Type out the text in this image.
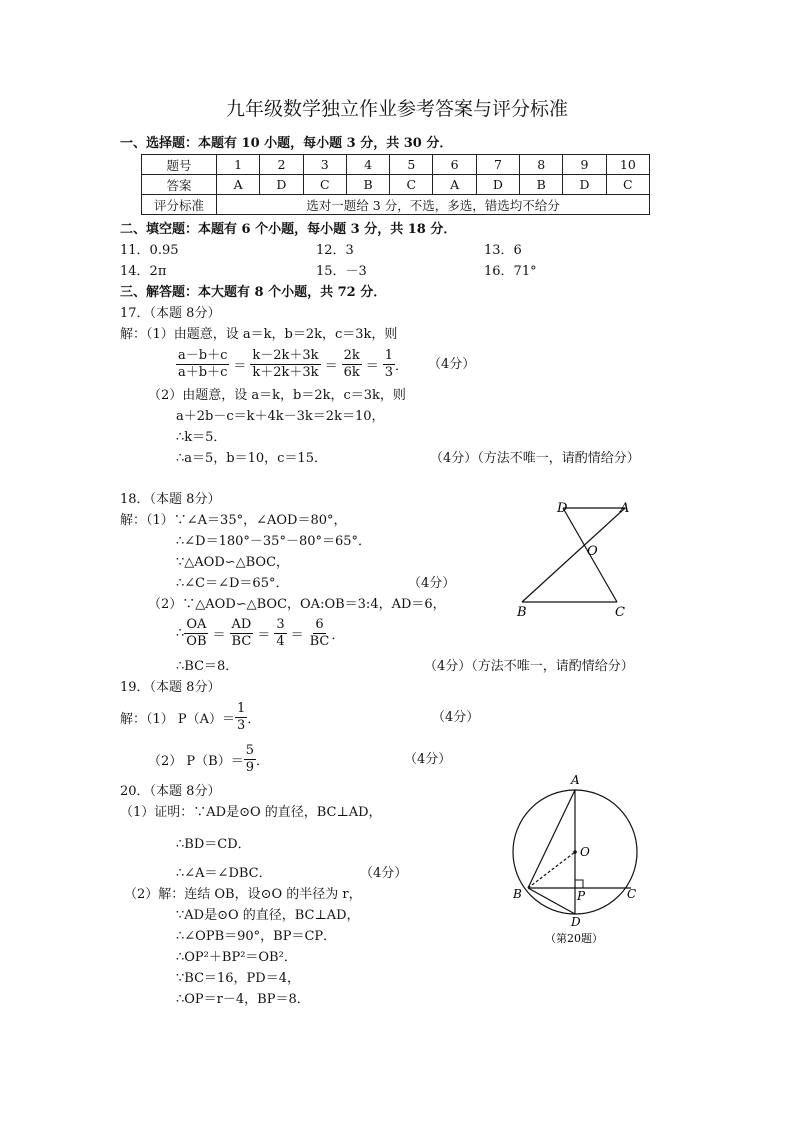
九年级数学独立作业参考答案与评分标准
一、选择题：本题有 10 小题，每小题 3 分，共 30 分．
题号	1	2	3	4	5	6	7	8	9	10
答案	A	D	C	B	C	A	D	B	D	C
评分标准	选对一题给 3 分，不选，多选，错选均不给分									
二、填空题：本题有 6 个小题，每小题 3 分，共 18 分．
11．0.95	12．3	13．6
14．2π	15．－3	16．71°
三、解答题：本大题有 8 个小题，共 72 分．
17．（本题 8分）
解：（1）由题意，设 a＝k，b＝2k，c＝3k，则
$\frac{a-b+c}{a+b+c} = \frac{k-2k+3k}{k+2k+3k} = \frac{2k}{6k} = \frac{1}{3}$ ． （4分）
（2）由题意，设 a＝k，b＝2k，c＝3k，则
a＋2b－c＝k＋4k－3k＝2k＝10，
∴k＝5．
∴a＝5，b＝10，c＝15．	（4分）（方法不唯一，请酌情给分）
18．（本题 8分）
解：（1）∵∠A＝35°，∠AOD＝80°，
∴∠D＝180°－35°－80°＝65°．
∵△AOD∽△BOC，
∴∠C＝∠D＝65°．	（4分）
（2）∵△AOD∽△BOC，OA:OB＝3:4，AD＝6，
∴ $\frac{OA}{OB} = \frac{AD}{BC} = \frac{3}{4} = \frac{6}{BC}$ ．
∴BC＝8．	（4分）（方法不唯一，请酌情给分）
D	A
O
B	C
19．（本题 8分）
解：（1） $P(A)= \frac{1}{3}$ ．	（4分）
（2） $P(B)= \frac{5}{9}$ ．	（4分）
20．（本题 8分）
（1）证明：∵AD是⊙O 的直径，BC⊥AD，
∴BD＝CD．
∴∠A＝∠DBC．	（4分）
（2）解：连结 OB，设⊙O 的半径为 r，
∵AD是⊙O 的直径，BC⊥AD，
∴∠OPB＝90°，BP＝CP．
∴OP²＋BP²＝OB²．
∵BC＝16，PD＝4，
∴OP＝r－4，BP＝8．
A
O
B	P	C
D
（第20题）
